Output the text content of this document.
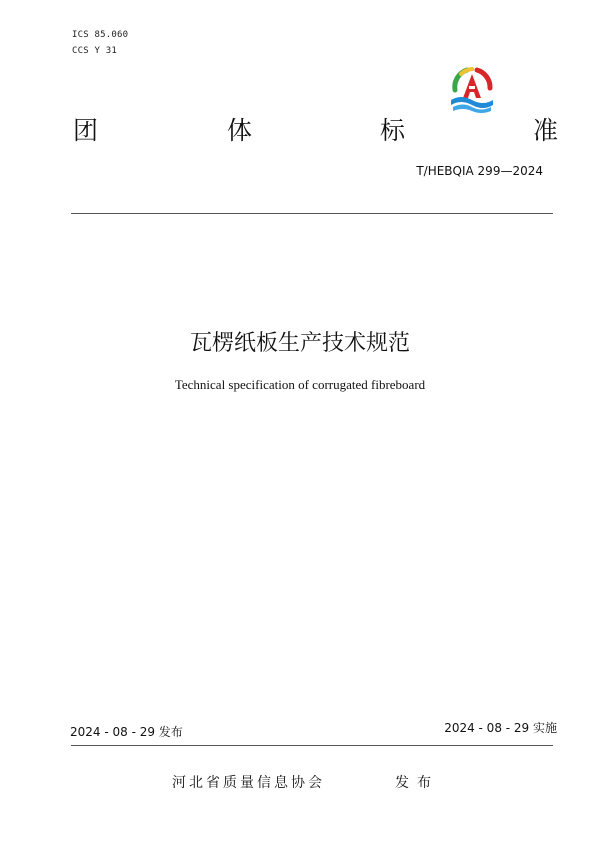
ICS 85.060
CCS Y 31
团	体	标	准
T/HEBQIA 299—2024
瓦楞纸板生产技术规范
Technical specification of corrugated fibreboard
2024 - 08 - 29 发布	2024 - 08 - 29 实施
河北省质量信息协会	发布
